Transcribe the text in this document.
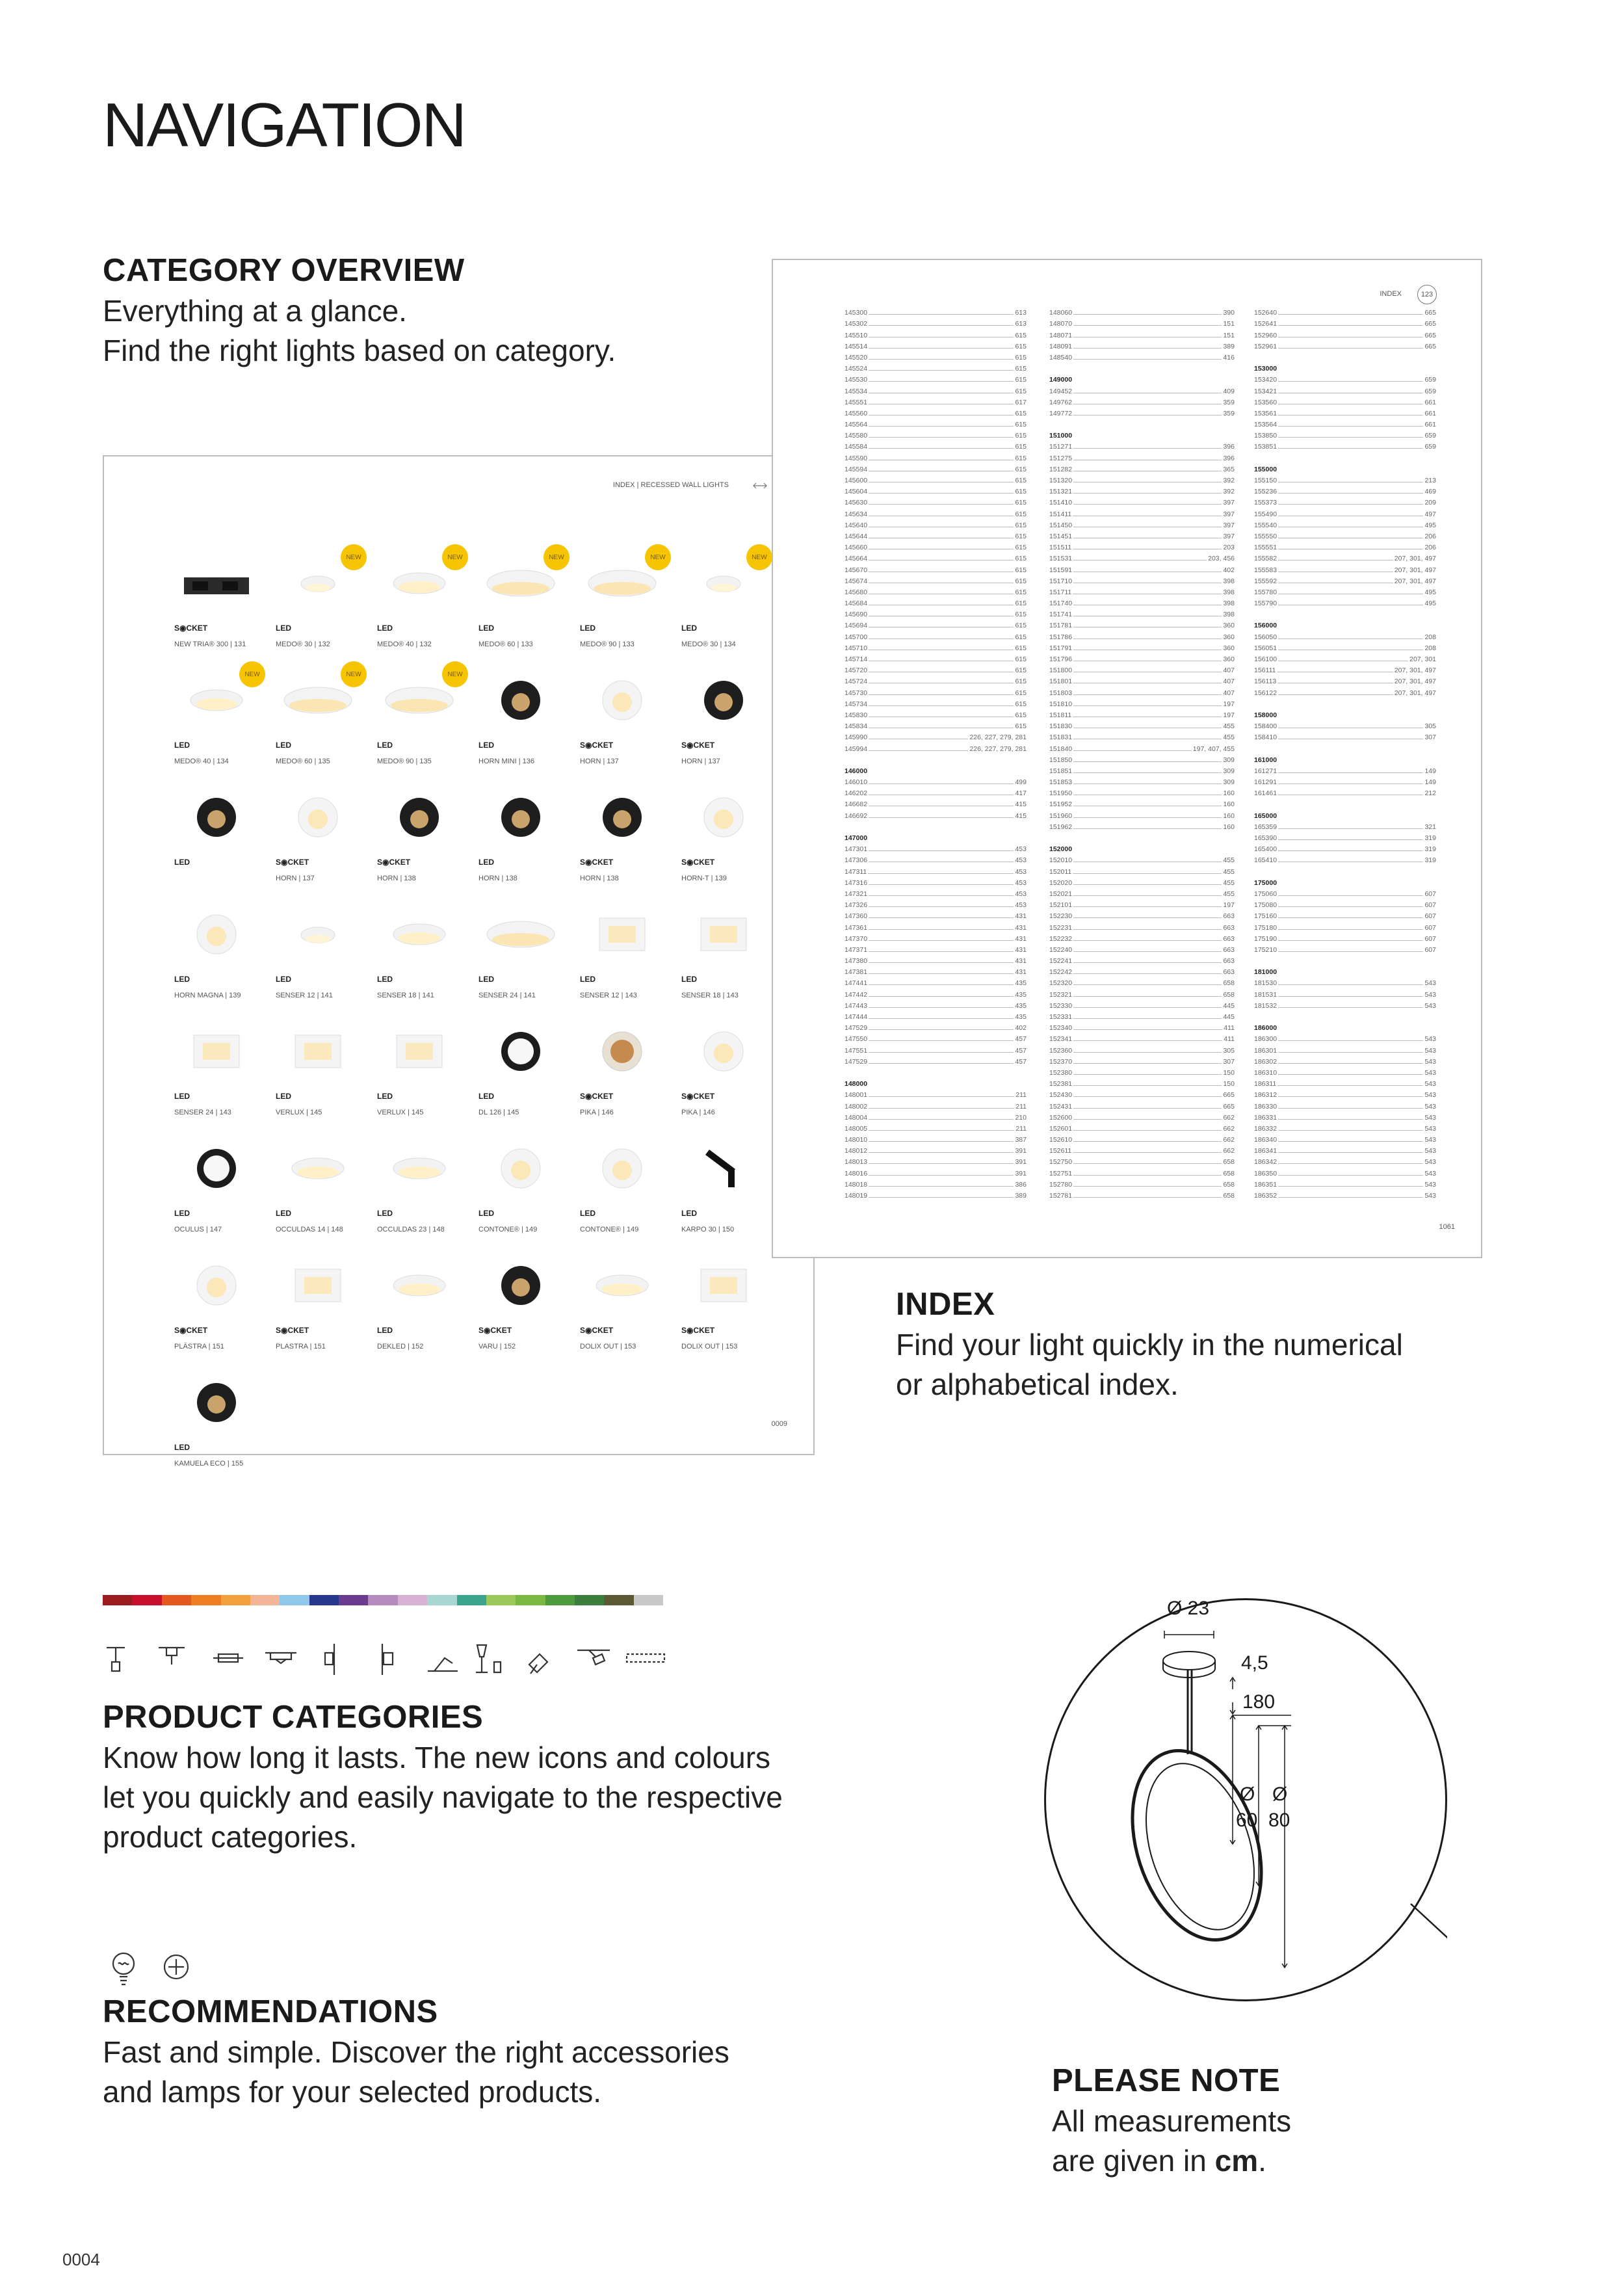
NAVIGATION
CATEGORY OVERVIEW

Everything at a glance.

Find the right lights based on category.

INDEX | RECESSED WALL LIGHTS
S◉CKET
NEW TRIA® 300 | 131
NEW
LED
MEDO® 30 | 132
NEW
LED
MEDO® 40 | 132
NEW
LED
MEDO® 60 | 133
NEW
LED
MEDO® 90 | 133
NEW
LED
MEDO® 30 | 134
NEW
LED
MEDO® 40 | 134
NEW
LED
MEDO® 60 | 135
NEW
LED
MEDO® 90 | 135
LED
HORN MINI | 136
S◉CKET
HORN | 137
S◉CKET
HORN | 137
LED	S◉CKET
HORN | 137
S◉CKET
HORN | 138
LED
HORN | 138
S◉CKET
HORN | 138
S◉CKET
HORN-T | 139
LED
HORN MAGNA | 139
LED
SENSER 12 | 141
LED
SENSER 18 | 141
LED
SENSER 24 | 141
LED
SENSER 12 | 143
LED
SENSER 18 | 143
LED
SENSER 24 | 143
LED
VERLUX | 145
LED
VERLUX | 145
LED
DL 126 | 145
S◉CKET
PIKA | 146
S◉CKET
PIKA | 146
LED
OCULUS | 147
LED
OCCULDAS 14 | 148
LED
OCCULDAS 23 | 148
LED
CONTONE® | 149
LED
CONTONE® | 149
LED
KARPO 30 | 150
S◉CKET
PLÄSTRA | 151
S◉CKET
PLASTRA | 151
LED
DEKLED | 152
S◉CKET
VARU | 152
S◉CKET
DOLIX OUT | 153
S◉CKET
DOLIX OUT | 153
LED
KAMUELA ECO | 155
0009
INDEX	123
145300	613
145302	613
145510	615
145514	615
145520	615
145524	615
145530	615
145534	615
145551	617
145560	615
145564	615
145580	615
145584	615
145590	615
145594	615
145600	615
145604	615
145630	615
145634	615
145640	615
145644	615
145660	615
145664	615
145670	615
145674	615
145680	615
145684	615
145690	615
145694	615
145700	615
145710	615
145714	615
145720	615
145724	615
145730	615
145734	615
145830	615
145834	615
145990	226, 227, 279, 281
145994	226, 227, 279, 281
146000
146010	499
146202	417
146682	415
146692	415
147000
147301	453
147306	453
147311	453
147316	453
147321	453
147326	453
147360	431
147361	431
147370	431
147371	431
147380	431
147381	431
147441	435
147442	435
147443	435
147444	435
147529	402
147550	457
147551	457
147529	457
148000
148001	211
148002	211
148004	210
148005	211
148010	387
148012	391
148013	391
148016	391
148018	386
148019	389
148060	390
148070	151
148071	151
148091	389
148540	416
149000
149452	409
149762	359
149772	359
151000
151271	396
151275	396
151282	365
151320	392
151321	392
151410	397
151411	397
151450	397
151451	397
151511	203
151531	203, 456
151591	402
151710	398
151711	398
151740	398
151741	398
151781	360
151786	360
151791	360
151796	360
151800	407
151801	407
151803	407
151810	197
151811	197
151830	455
151831	455
151840	197, 407, 455
151850	309
151851	309
151853	309
151950	160
151952	160
151960	160
151962	160
152000
152010	455
152011	455
152020	455
152021	455
152101	197
152230	663
152231	663
152232	663
152240	663
152241	663
152242	663
152320	658
152321	658
152330	445
152331	445
152340	411
152341	411
152360	305
152370	307
152380	150
152381	150
152430	665
152431	665
152600	662
152601	662
152610	662
152611	662
152750	658
152751	658
152780	658
152781	658
152640	665
152641	665
152960	665
152961	665
153000
153420	659
153421	659
153560	661
153561	661
153564	661
153850	659
153851	659
155000
155150	213
155236	469
155373	209
155490	497
155540	495
155550	206
155551	206
155582	207, 301, 497
155583	207, 301, 497
155592	207, 301, 497
155780	495
155790	495
156000
156050	208
156051	208
156100	207, 301
156111	207, 301, 497
156113	207, 301, 497
156122	207, 301, 497
158000
158400	305
158410	307
161000
161271	149
161291	149
161461	212
165000
165359	321
165390	319
165400	319
165410	319
175000
175060	607
175080	607
175160	607
175180	607
175190	607
175210	607
181000
181530	543
181531	543
181532	543
186000
186300	543
186301	543
186302	543
186310	543
186311	543
186312	543
186330	543
186331	543
186332	543
186340	543
186341	543
186342	543
186350	543
186351	543
186352	543
1061
INDEX

Find your light quickly in the numerical

or alphabetical index.

PRODUCT CATEGORIES

Know how long it lasts. The new icons and colours

let you quickly and easily navigate to the respective

product categories.

RECOMMENDATIONS

Fast and simple. Discover the right accessories

and lamps for your selected products.

Ø 23
4,5
180
Ø
60
Ø
80
PLEASE NOTE

All measurements

are given in cm.

0004
